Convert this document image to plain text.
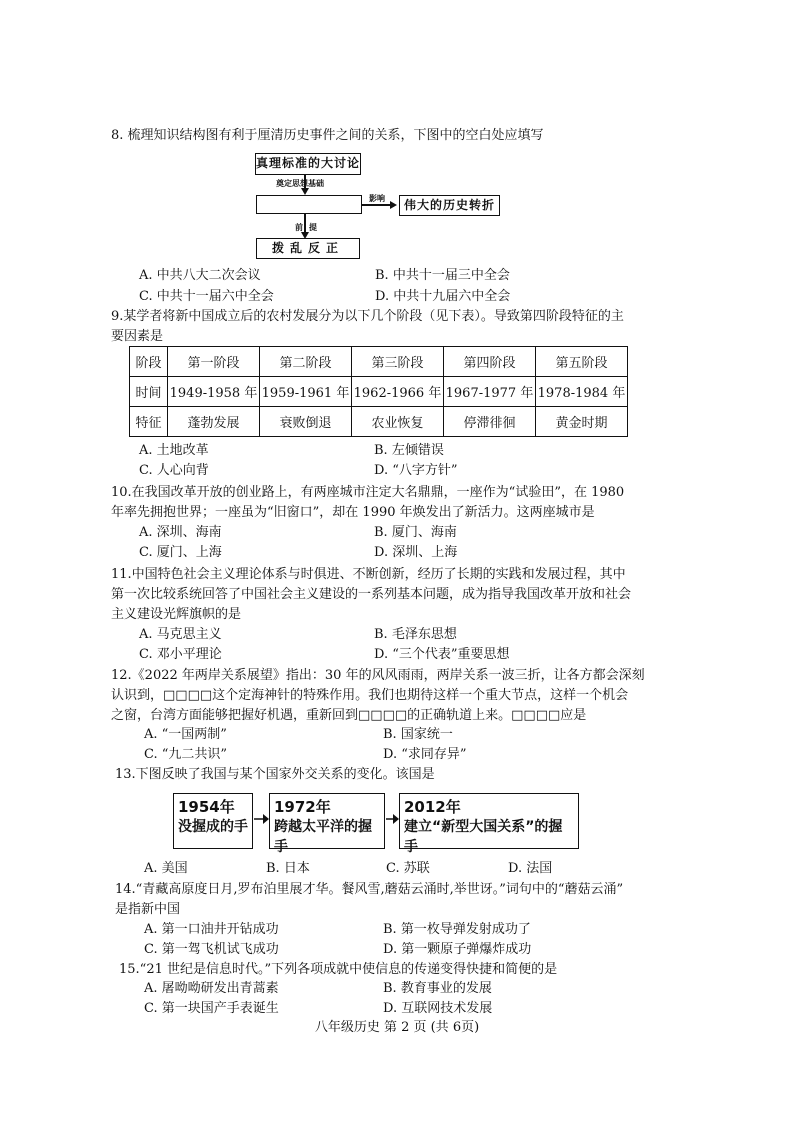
8. 梳理知识结构图有利于厘清历史事件之间的关系，下图中的空白处应填写
真理标准的大讨论
奠定思想基础
影响	伟大的历史转折
前提
拨乱反正
A. 中共八大二次会议	B. 中共十一届三中全会
C. 中共十一届六中全会	D. 中共十九届六中全会
9.某学者将新中国成立后的农村发展分为以下几个阶段（见下表）。导致第四阶段特征的主
要因素是
阶段	第一阶段	第二阶段	第三阶段	第四阶段	第五阶段
时间	1949-1958 年	1959-1961 年	1962-1966 年	1967-1977 年	1978-1984 年
特征	蓬勃发展	衰败倒退	农业恢复	停滞徘徊	黄金时期
A. 土地改革	B. 左倾错误
C. 人心向背	D. “八字方针”
10.在我国改革开放的创业路上，有两座城市注定大名鼎鼎，一座作为“试验田”，在 1980
年率先拥抱世界；一座虽为“旧窗口”，却在 1990 年焕发出了新活力。这两座城市是
A. 深圳、海南	B. 厦门、海南
C. 厦门、上海	D. 深圳、上海
11.中国特色社会主义理论体系与时俱进、不断创新，经历了长期的实践和发展过程，其中
第一次比较系统回答了中国社会主义建设的一系列基本问题，成为指导我国改革开放和社会
主义建设光辉旗帜的是
A. 马克思主义	B. 毛泽东思想
C. 邓小平理论	D. “三个代表”重要思想
12.《2022 年两岸关系展望》指出：30 年的风风雨雨，两岸关系一波三折，让各方都会深刻
认识到，□□□□这个定海神针的特殊作用。我们也期待这样一个重大节点，这样一个机会
之窗，台湾方面能够把握好机遇，重新回到□□□□的正确轨道上来。□□□□应是
A. “一国两制”	B. 国家统一
C. “九二共识”	D. “求同存异”
13.下图反映了我国与某个国家外交关系的变化。该国是
1954年
没握成的手
1972年
跨越太平洋的握手
2012年
建立“新型大国关系”的握手
A. 美国	B. 日本	C. 苏联	D. 法国
14.“青藏高原度日月,罗布泊里展才华。餐风雪,蘑菇云涌时,举世讶。”词句中的“蘑菇云涌”
是指新中国
A. 第一口油井开钻成功	B. 第一枚导弹发射成功了
C. 第一驾飞机试飞成功	D. 第一颗原子弹爆炸成功
15.“21 世纪是信息时代。”下列各项成就中使信息的传递变得快捷和简便的是
A. 屠呦呦研发出青蒿素	B. 教育事业的发展
C. 第一块国产手表诞生	D. 互联网技术发展
八年级历史 第 2 页 (共 6页)
